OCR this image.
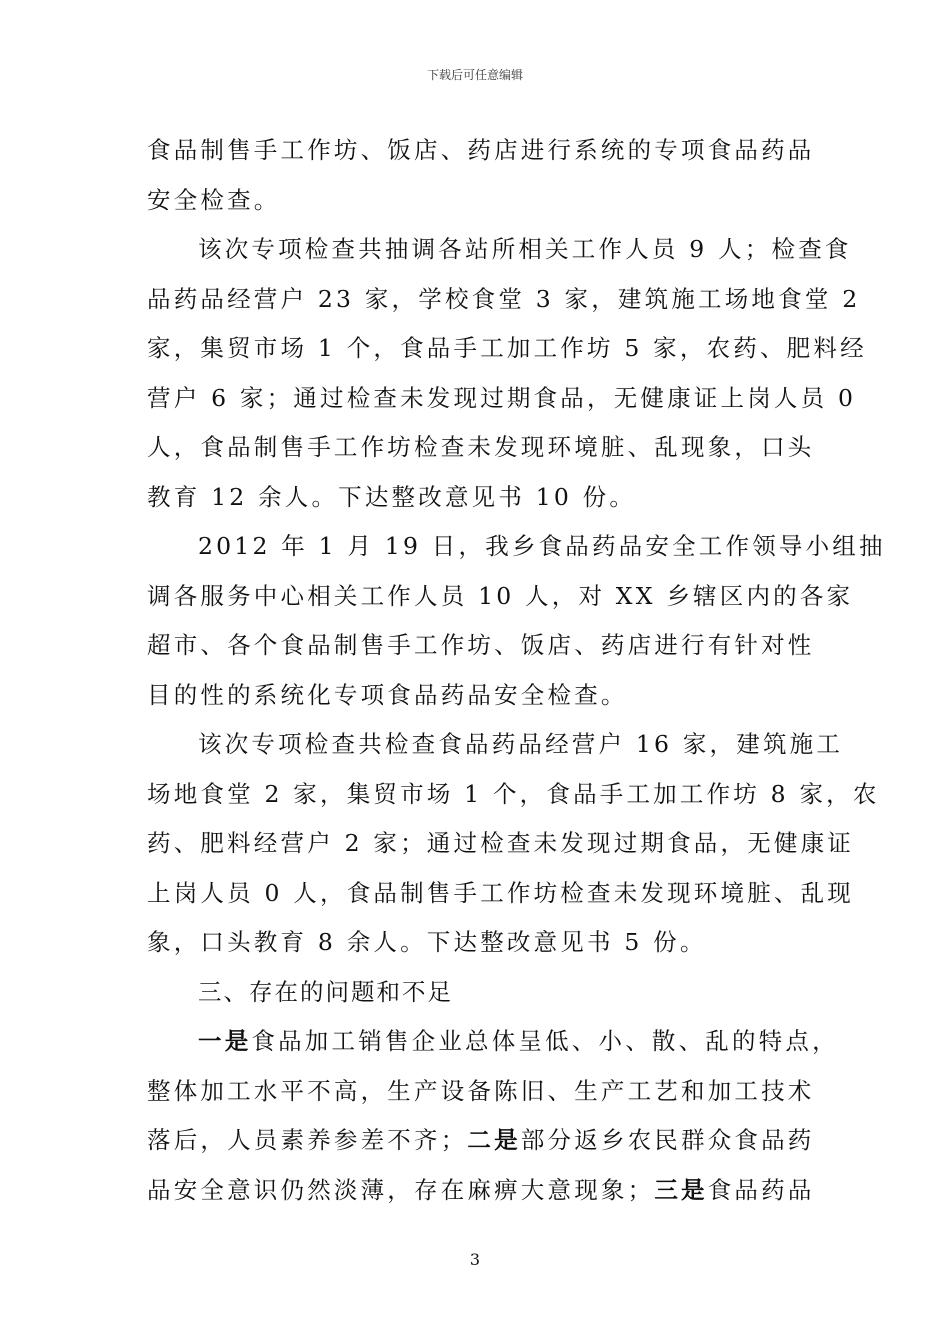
下载后可任意编辑
食品制售手工作坊、饭店、药店进行系统的专项食品药品
安全检查。
该次专项检查共抽调各站所相关工作人员 9 人；检查食
品药品经营户 23 家，学校食堂 3 家，建筑施工场地食堂 2
家，集贸市场 1 个，食品手工加工作坊 5 家，农药、肥料经
营户 6 家；通过检查未发现过期食品，无健康证上岗人员 0
人，食品制售手工作坊检查未发现环境脏、乱现象，口头
教育 12 余人。下达整改意见书 10 份。
2012 年 1 月 19 日，我乡食品药品安全工作领导小组抽
调各服务中心相关工作人员 10 人，对 XX 乡辖区内的各家
超市、各个食品制售手工作坊、饭店、药店进行有针对性
目的性的系统化专项食品药品安全检查。
该次专项检查共检查食品药品经营户 16 家，建筑施工
场地食堂 2 家，集贸市场 1 个，食品手工加工作坊 8 家，农
药、肥料经营户 2 家；通过检查未发现过期食品，无健康证
上岗人员 0 人，食品制售手工作坊检查未发现环境脏、乱现
象，口头教育 8 余人。下达整改意见书 5 份。
三、存在的问题和不足
一是食品加工销售企业总体呈低、小、散、乱的特点，
整体加工水平不高，生产设备陈旧、生产工艺和加工技术
落后，人员素养参差不齐；二是部分返乡农民群众食品药
品安全意识仍然淡薄，存在麻痹大意现象；三是食品药品
3
